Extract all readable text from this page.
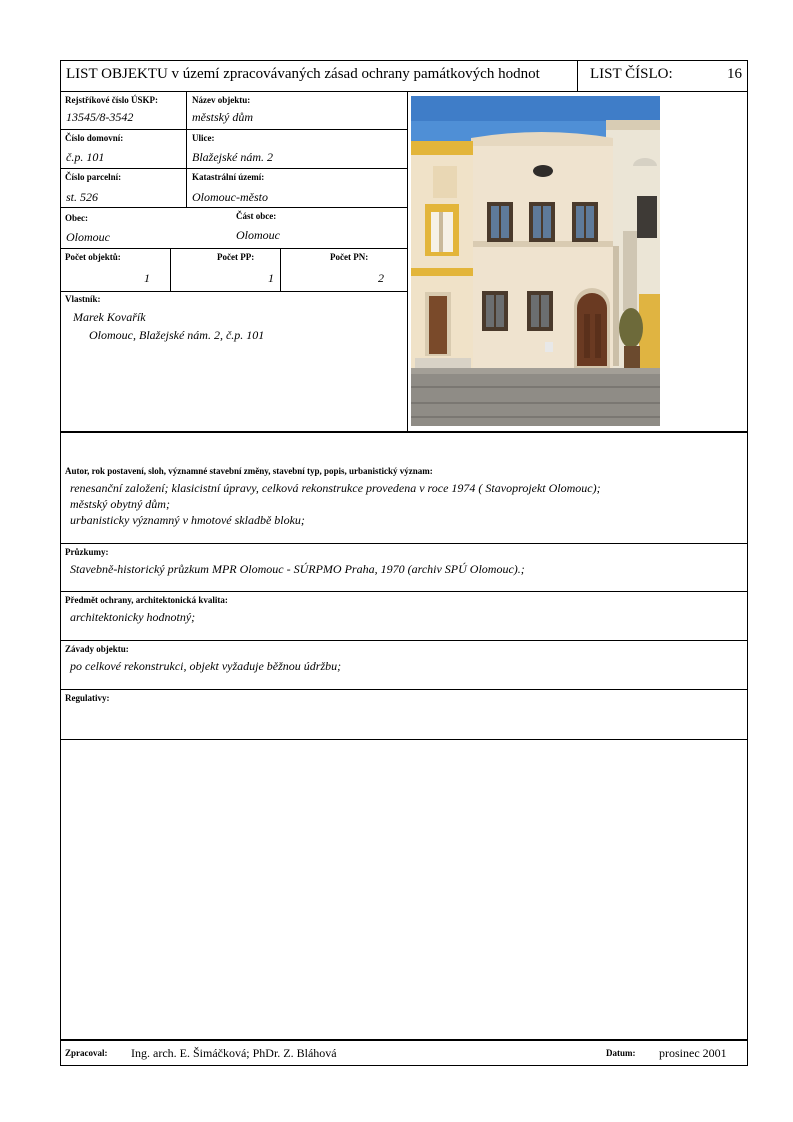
LIST OBJEKTU v území zpracovávaných zásad ochrany památkových hodnot	LIST ČÍSLO:	16
Rejstříkové číslo ÚSKP:
13545/8-3542
Název objektu:
městský dům
Číslo domovní:
č.p. 101
Ulice:
Blažejské nám. 2
Číslo parcelní:
st. 526
Katastrální území:
Olomouc-město
Obec:
Olomouc
Část obce:
Olomouc
Počet objektů:
1
Počet PP:
1
Počet PN:
2
Vlastník:
Marek Kovařík
Olomouc, Blažejské nám. 2, č.p. 101
Autor, rok postavení, sloh, významné stavební změny, stavební typ, popis, urbanistický význam:
renesanční založení; klasicistní úpravy, celková rekonstrukce provedena v roce 1974 ( Stavoprojekt Olomouc);
městský obytný dům;
urbanisticky významný v hmotové skladbě bloku;
Průzkumy:
Stavebně-historický průzkum MPR Olomouc - SÚRPMO Praha, 1970 (archiv SPÚ Olomouc).;
Předmět ochrany, architektonická kvalita:
architektonicky hodnotný;
Závady objektu:
po celkové rekonstrukci, objekt vyžaduje běžnou údržbu;
Regulativy:
Zpracoval: Ing. arch. E. Šimáčková; PhDr. Z. Bláhová	Datum: prosinec 2001
